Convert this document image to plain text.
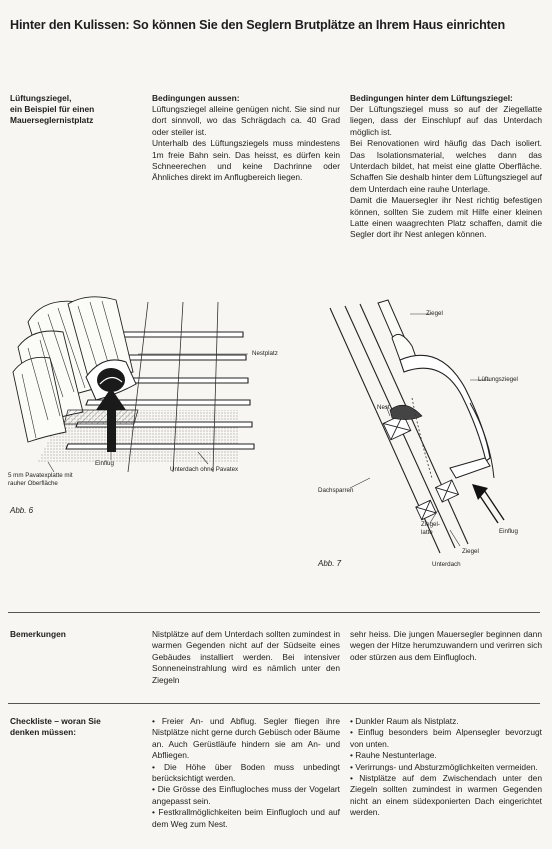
Hinter den Kulissen: So können Sie den Seglern Brutplätze an Ihrem Haus einrichten
Lüftungsziegel,
ein Beispiel für einen
Mauerseglernistplatz
Bedingungen aussen:
Lüftungsziegel alleine genügen nicht. Sie sind nur dort sinnvoll, wo das Schrägdach ca. 40 Grad oder steiler ist.
Unterhalb des Lüftungsziegels muss mindestens 1m freie Bahn sein. Das heisst, es dürfen kein Schneerechen und keine Dachrinne oder Ähnliches direkt im Anflugbereich liegen.
Bedingungen hinter dem Lüftungsziegel:
Der Lüftungsziegel muss so auf der Ziegellatte liegen, dass der Einschlupf auf das Unterdach möglich ist.
Bei Renovationen wird häufig das Dach isoliert. Das Isolationsmaterial, welches dann das Unterdach bildet, hat meist eine glatte Oberfläche. Schaffen Sie deshalb hinter dem Lüftungsziegel auf dem Unterdach eine rauhe Unterlage.
Damit die Mauersegler ihr Nest richtig befestigen können, sollten Sie zudem mit Hilfe einer kleinen Latte einen waagrechten Platz schaffen, damit die Segler dort ihr Nest anlegen können.
Nestplatz
Einflug
5 mm Pavatexplatte mit
rauher Oberfläche
Unterdach ohne Pavatex
Abb. 6
Ziegel
Lüftungsziegel
Nest
Dachsparren
Ziegel-
latte	Einflug
Ziegel
Unterdach
Abb. 7
Bemerkungen	Nistplätze auf dem Unterdach sollten zumindest in warmen Gegenden nicht auf der Südseite eines Gebäudes installiert werden. Bei intensiver Sonneneinstrahlung wird es nämlich unter den Ziegeln
sehr heiss. Die jungen Mauersegler beginnen dann wegen der Hitze herumzuwandern und verirren sich oder stürzen aus dem Einflugloch.
Checkliste – woran Sie
denken müssen:
• Freier An- und Abflug. Segler fliegen ihre Nistplätze nicht gerne durch Gebüsch oder Bäume an. Auch Gerüstläufe hindern sie am An- und Abfliegen.
• Die Höhe über Boden muss unbedingt berücksichtigt werden.
• Die Grösse des Einflugloches muss der Vogelart angepasst sein.
• Festkrallmöglichkeiten beim Einflugloch und auf dem Weg zum Nest.
• Dunkler Raum als Nistplatz.
• Einflug besonders beim Alpensegler bevorzugt von unten.
• Rauhe Nestunterlage.
• Verirrungs- und Absturzmöglichkeiten vermeiden.
• Nistplätze auf dem Zwischendach unter den Ziegeln sollten zumindest in warmen Gegenden nicht an einem südexponierten Dach eingerichtet werden.
